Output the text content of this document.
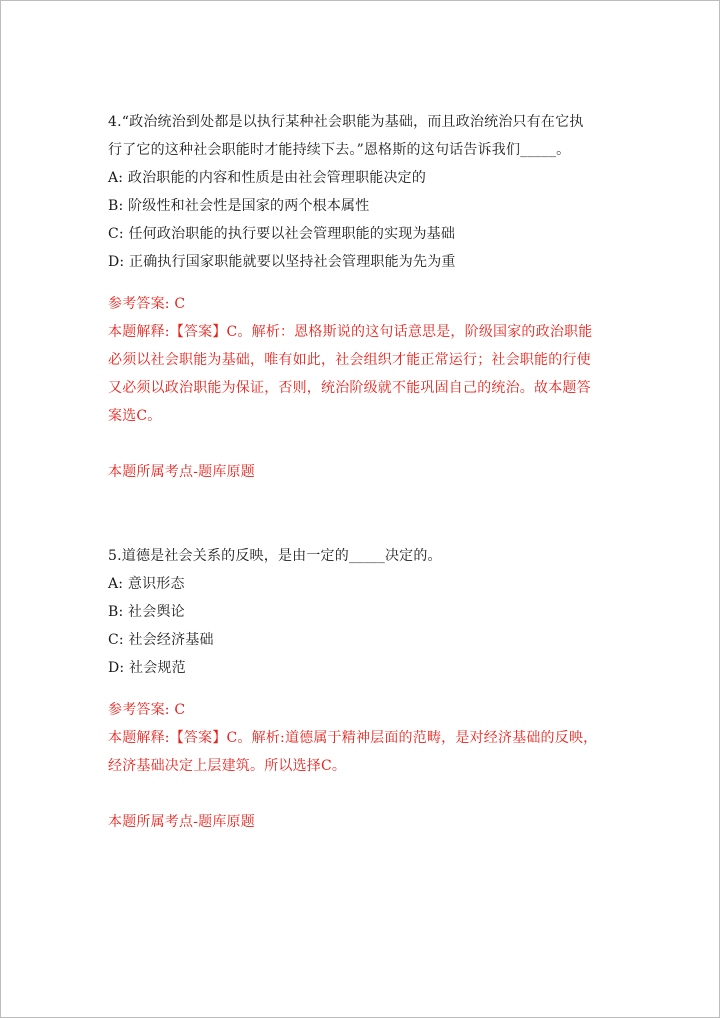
4.“政治统治到处都是以执行某种社会职能为基础，而且政治统治只有在它执
行了它的这种社会职能时才能持续下去。”恩格斯的这句话告诉我们_____。
A: 政治职能的内容和性质是由社会管理职能决定的
B: 阶级性和社会性是国家的两个根本属性
C: 任何政治职能的执行要以社会管理职能的实现为基础
D: 正确执行国家职能就要以坚持社会管理职能为先为重
参考答案: C
本题解释:【答案】C。解析：恩格斯说的这句话意思是，阶级国家的政治职能
必须以社会职能为基础，唯有如此，社会组织才能正常运行；社会职能的行使
又必须以政治职能为保证，否则，统治阶级就不能巩固自己的统治。故本题答
案选C。
本题所属考点-题库原题
5.道德是社会关系的反映，是由一定的_____决定的。
A: 意识形态
B: 社会舆论
C: 社会经济基础
D: 社会规范
参考答案: C
本题解释:【答案】C。解析:道德属于精神层面的范畴，是对经济基础的反映，
经济基础决定上层建筑。所以选择C。
本题所属考点-题库原题
